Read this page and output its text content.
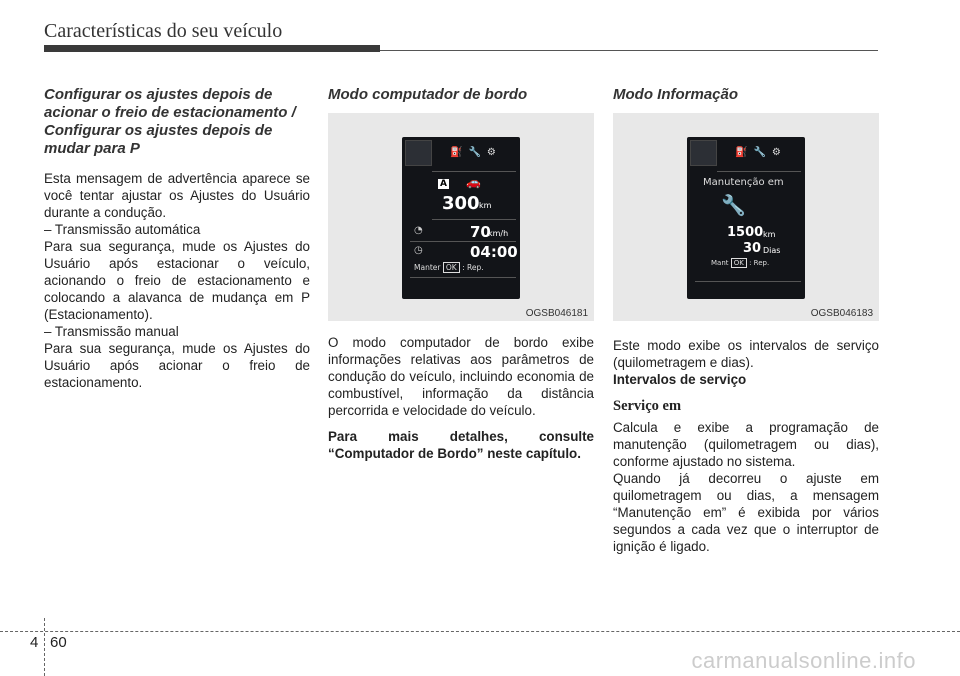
Características do seu veículo
Configurar os ajustes depois de acionar o freio de estacionamento / Configurar os ajustes depois de mudar para P

Esta mensagem de advertência aparece se você tentar ajustar os Ajustes do Usuário durante a condução.

– Transmissão automática

Para sua segurança, mude os Ajustes do Usuário após estacionar o veículo, acionando o freio de estacionamento e colocando a alavanca de mudança em P (Estacionamento).

– Transmissão manual

Para sua segurança, mude os Ajustes do Usuário após acionar o freio de estacionamento.

Modo computador de bordo
⛽🔧⚙
A 🚗
300 km
◔	70
km/h
◷	04:00
Manter OK : Rep.
OGSB046181

O modo computador de bordo exibe informações relativas aos parâmetros de condução do veículo, incluindo economia de combustível, informação da distância percorrida e velocidade do veículo.

Para mais detalhes, consulte “Computador de Bordo” neste capítulo.

Modo Informação
⛽🔧⚙
Manutenção em
🔧
1500 km
30 Dias
Mant OK : Rep.
OGSB046183

Este modo exibe os intervalos de serviço (quilometragem e dias).

Intervalos de serviço

Serviço em

Calcula e exibe a programação de manutenção (quilometragem ou dias), conforme ajustado no sistema.

Quando já decorreu o ajuste em quilometragem ou dias, a mensagem “Manutenção em” é exibida por vários segundos a cada vez que o interruptor de ignição é ligado.

4 60
carmanualsonline.info
